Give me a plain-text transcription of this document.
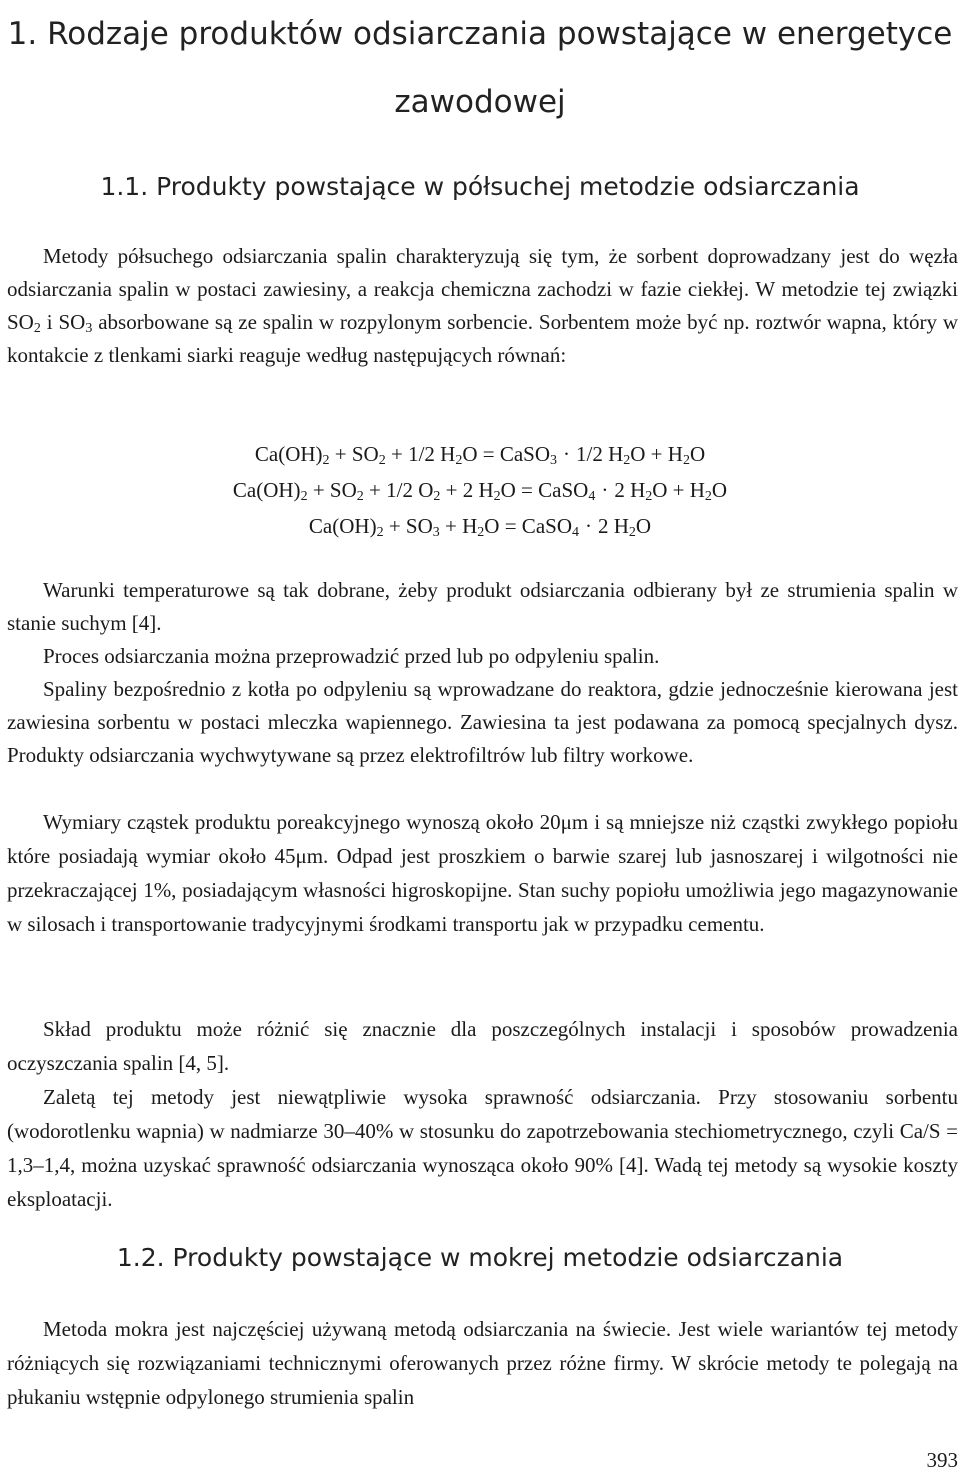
1. Rodzaje produktów odsiarczania powstające w energetyce
zawodowej
1.1. Produkty powstające w półsuchej metodzie odsiarczania

Metody półsuchego odsiarczania spalin charakteryzują się tym, że sorbent doprowadzany jest do węzła odsiarczania spalin w postaci zawiesiny, a reakcja chemiczna zachodzi w fazie ciekłej. W metodzie tej związki $SO_2$ i $SO_3$ absorbowane są ze spalin w rozpylonym sorbencie. Sorbentem może być np. roztwór wapna, który w kontakcie z tlenkami siarki reaguje według następujących równań:

$Ca(OH)_2 + SO_2 + 1/2$ $H_2O$ = CaSO$_3$ · 1/2 $H_2O + H_2O$

$Ca(OH)_2 + SO_2 + 1/2$ $O_2 + 2$ $H_2O$ = CaSO$_4$ · 2 $H_2O + H_2O$

$Ca(OH)_2 + SO_3 + H_2O$ = CaSO$_4$ · 2 $H_2O$

Warunki temperaturowe są tak dobrane, żeby produkt odsiarczania odbierany był ze strumienia spalin w stanie suchym [4].

Proces odsiarczania można przeprowadzić przed lub po odpyleniu spalin.

Spaliny bezpośrednio z kotła po odpyleniu są wprowadzane do reaktora, gdzie jednocześnie kierowana jest zawiesina sorbentu w postaci mleczka wapiennego. Zawiesina ta jest podawana za pomocą specjalnych dysz. Produkty odsiarczania wychwytywane są przez elektrofiltrów lub filtry workowe.

Wymiary cząstek produktu poreakcyjnego wynoszą około 20μm i są mniejsze niż cząstki zwykłego popiołu które posiadają wymiar około 45μm. Odpad jest proszkiem o barwie szarej lub jasnoszarej i wilgotności nie przekraczającej 1%, posiadającym własności higroskopijne. Stan suchy popiołu umożliwia jego magazynowanie w silosach i transportowanie tradycyjnymi środkami transportu jak w przypadku cementu.

Skład produktu może różnić się znacznie dla poszczególnych instalacji i sposobów prowadzenia oczyszczania spalin [4, 5].

Zaletą tej metody jest niewątpliwie wysoka sprawność odsiarczania. Przy stosowaniu sorbentu (wodorotlenku wapnia) w nadmiarze 30–40% w stosunku do zapotrzebowania stechiometrycznego, czyli Ca/S = 1,3–1,4, można uzyskać sprawność odsiarczania wynosząca około 90% [4]. Wadą tej metody są wysokie koszty eksploatacji.

1.2. Produkty powstające w mokrej metodzie odsiarczania

Metoda mokra jest najczęściej używaną metodą odsiarczania na świecie. Jest wiele wariantów tej metody różniących się rozwiązaniami technicznymi oferowanych przez różne firmy. W skrócie metody te polegają na płukaniu wstępnie odpylonego strumienia spalin

393
